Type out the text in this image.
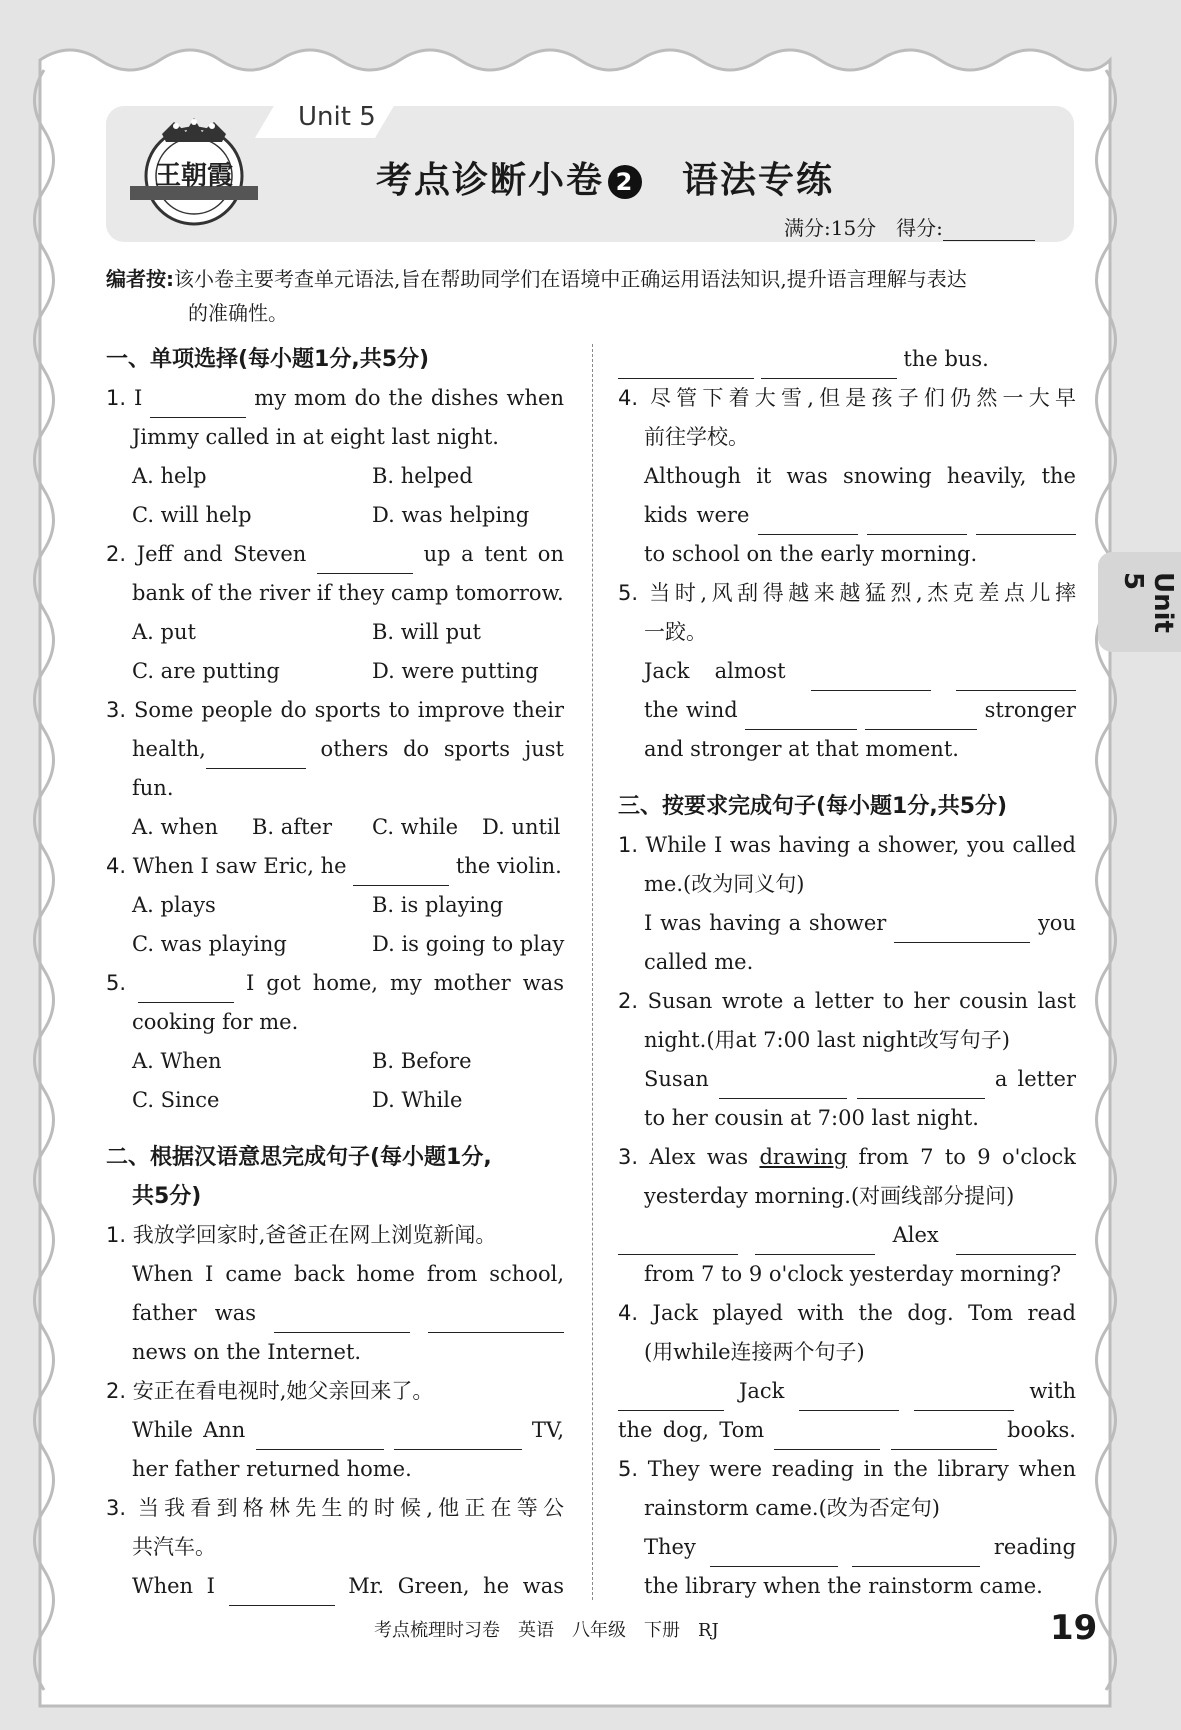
Unit 5
王朝霞	考点诊断小卷 2 语法专练
满分:15分　得分:
Unit 5
编者按:该小卷主要考查单元语法,旨在帮助同学们在语境中正确运用语法知识,提升语言理解与表达
的准确性。
一、单项选择(每小题1分,共5分)
1. I	my mom do the dishes when
Jimmy called in at eight last night.
A. help	B. helped
C. will help	D. was helping
2. Jeff and Steven	up a tent on
bank of the river if they camp tomorrow.
A. put	B. will put
C. are putting	D. were putting
3. Some people do sports to improve their
health,	others do sports just
fun.
A. when B. after C. while D. until
4. When I saw Eric, he	the violin.
A. plays	B. is playing
C. was playing	D. is going to play
5.	I got home, my mother was
cooking for me.
A. When	B. Before
C. Since	D. While
二、根据汉语意思完成句子(每小题1分,
共5分)
1. 我放学回家时,爸爸正在网上浏览新闻。
When I came back home from school,
father was
news on the Internet.
2. 安正在看电视时,她父亲回来了。
While Ann	TV,
her father returned home.
3. 当我看到格林先生的时候,他正在等公
共汽车。
When I	Mr. Green, he was
the bus.
4. 尽管下着大雪,但是孩子们仍然一大早
前往学校。
Although it was snowing heavily, the
kids were
to school on the early morning.
5. 当时,风刮得越来越猛烈,杰克差点儿摔
一跤。
Jack almost
the wind	stronger
and stronger at that moment.
三、按要求完成句子(每小题1分,共5分)
1. While I was having a shower, you called
me.(改为同义句)
I was having a shower	you
called me.
2. Susan wrote a letter to her cousin last
night.(用at 7:00 last night改写句子)
Susan	a letter
to her cousin at 7:00 last night.
3. Alex was drawing from 7 to 9 o'clock
yesterday morning.(对画线部分提问)
Alex
from 7 to 9 o'clock yesterday morning?
4. Jack played with the dog. Tom read
(用while连接两个句子)
Jack	with
the dog, Tom	books.
5. They were reading in the library when
rainstorm came.(改为否定句)
They	reading
the library when the rainstorm came.
考点梳理时习卷　英语　八年级　下册　RJ	19
